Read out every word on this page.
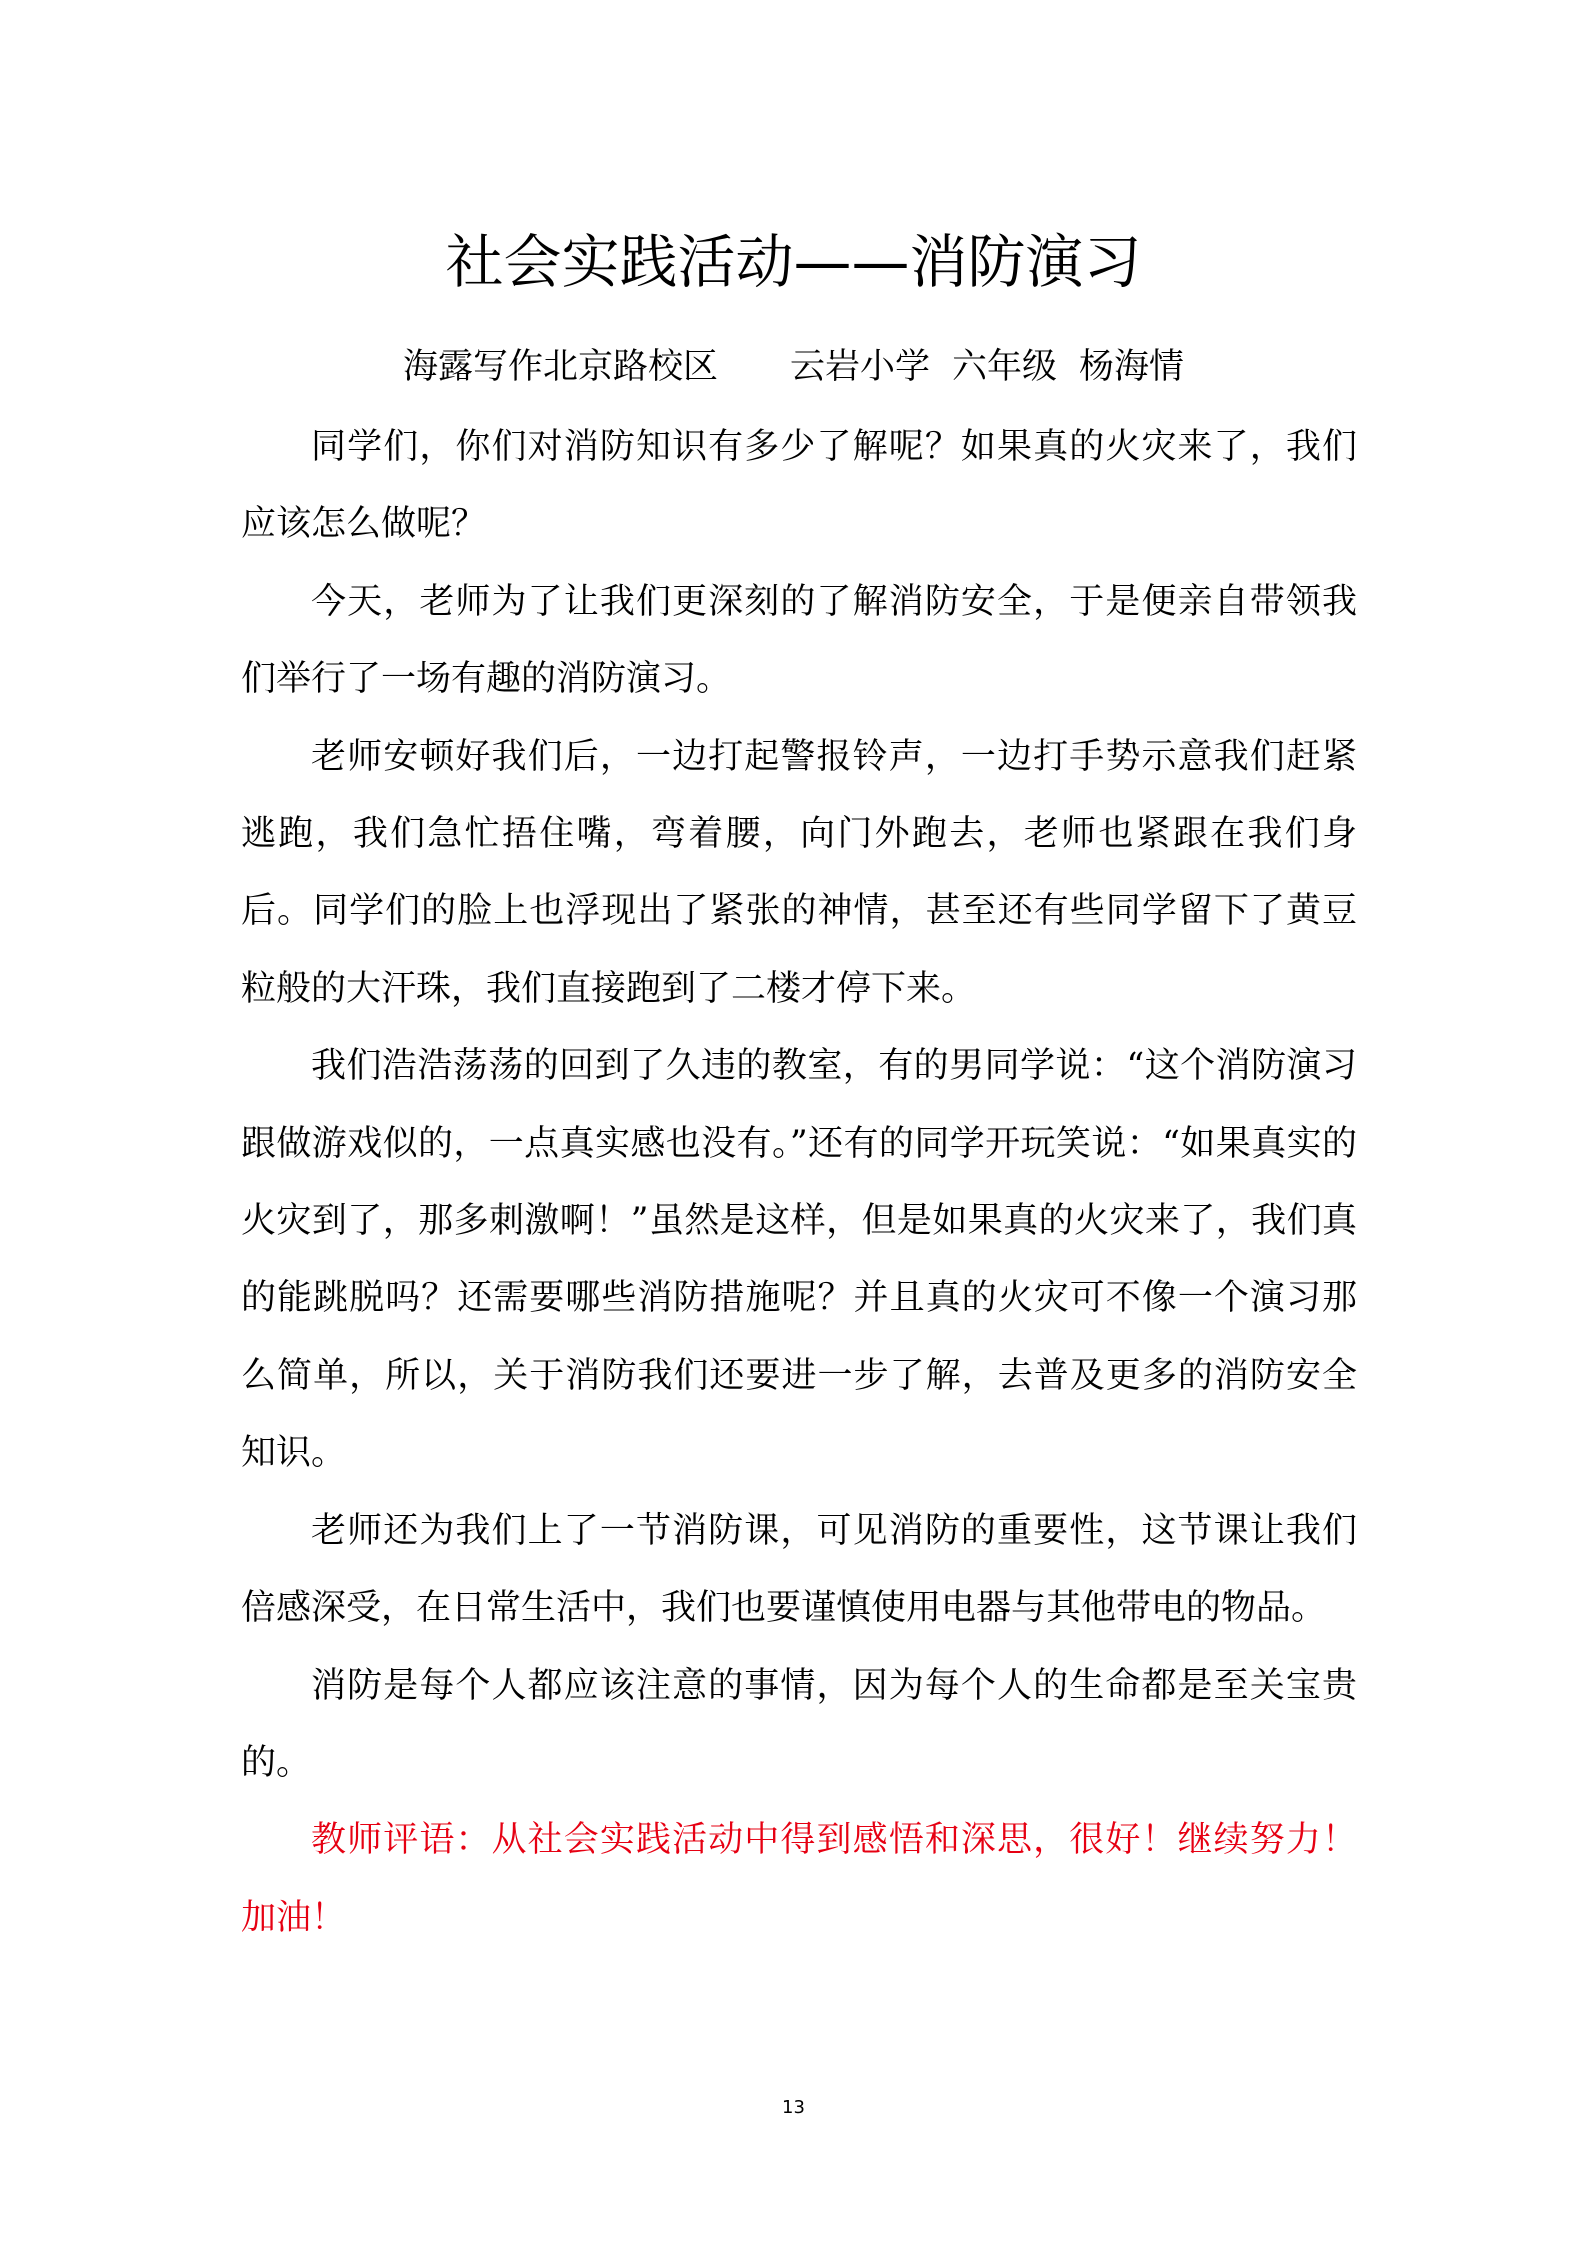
社会实践活动——消防演习
海露写作北京路校区 云岩小学 六年级 杨海情

同学们，你们对消防知识有多少了解呢？如果真的火灾来了，我们应该怎么做呢？

今天，老师为了让我们更深刻的了解消防安全，于是便亲自带领我们举行了一场有趣的消防演习。

老师安顿好我们后，一边打起警报铃声，一边打手势示意我们赶紧逃跑，我们急忙捂住嘴，弯着腰，向门外跑去，老师也紧跟在我们身后。同学们的脸上也浮现出了紧张的神情，甚至还有些同学留下了黄豆粒般的大汗珠，我们直接跑到了二楼才停下来。

我们浩浩荡荡的回到了久违的教室，有的男同学说：“这个消防演习跟做游戏似的，一点真实感也没有。”还有的同学开玩笑说：“如果真实的火灾到了，那多刺激啊！”虽然是这样，但是如果真的火灾来了，我们真的能跳脱吗？还需要哪些消防措施呢？并且真的火灾可不像一个演习那么简单，所以，关于消防我们还要进一步了解，去普及更多的消防安全知识。

老师还为我们上了一节消防课，可见消防的重要性，这节课让我们倍感深受，在日常生活中，我们也要谨慎使用电器与其他带电的物品。

消防是每个人都应该注意的事情，因为每个人的生命都是至关宝贵的。

教师评语：从社会实践活动中得到感悟和深思，很好！继续努力！加油！

13
